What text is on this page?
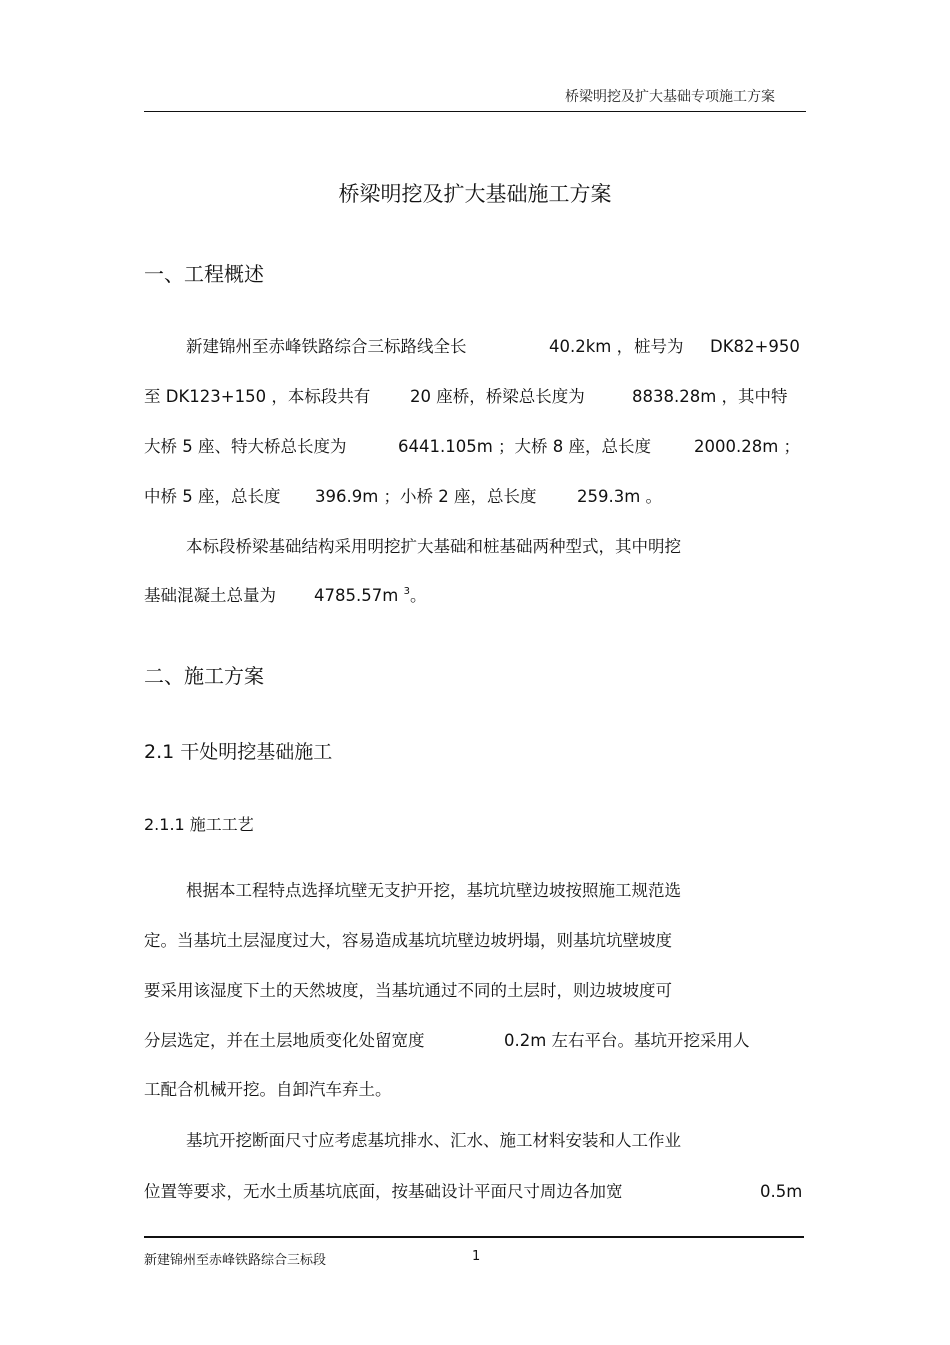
桥梁明挖及扩大基础专项施工方案
桥梁明挖及扩大基础施工方案
一、工程概述
新建锦州至赤峰铁路综合三标路线全长	40.2km ， 桩号为 DK82+950
至 DK123+150 ，本标段共有 20 座桥，桥梁总长度为	8838.28m ，其中特
大桥 5 座、特大桥总长度为	6441.105m ；大桥 8 座，总长度	2000.28m ；
中桥 5 座，总长度 396.9m ；小桥 2 座，总长度 259.3m 。
本标段桥梁基础结构采用明挖扩大基础和桩基础两种型式，其中明挖
基础混凝土总量为 4785.57m $^3$。
二、施工方案
2.1 干处明挖基础施工
2.1.1 施工工艺
根据本工程特点选择坑壁无支护开挖，基坑坑壁边坡按照施工规范选
定。当基坑土层湿度过大，容易造成基坑坑壁边坡坍塌，则基坑坑壁坡度
要采用该湿度下土的天然坡度，当基坑通过不同的土层时，则边坡坡度可
分层选定，并在土层地质变化处留宽度	0.2m 左右平台。基坑开挖采用人
工配合机械开挖。自卸汽车弃土。
基坑开挖断面尺寸应考虑基坑排水、汇水、施工材料安装和人工作业
位置等要求，无水土质基坑底面，按基础设计平面尺寸周边各加宽	0.5m
新建锦州至赤峰铁路综合三标段	1
